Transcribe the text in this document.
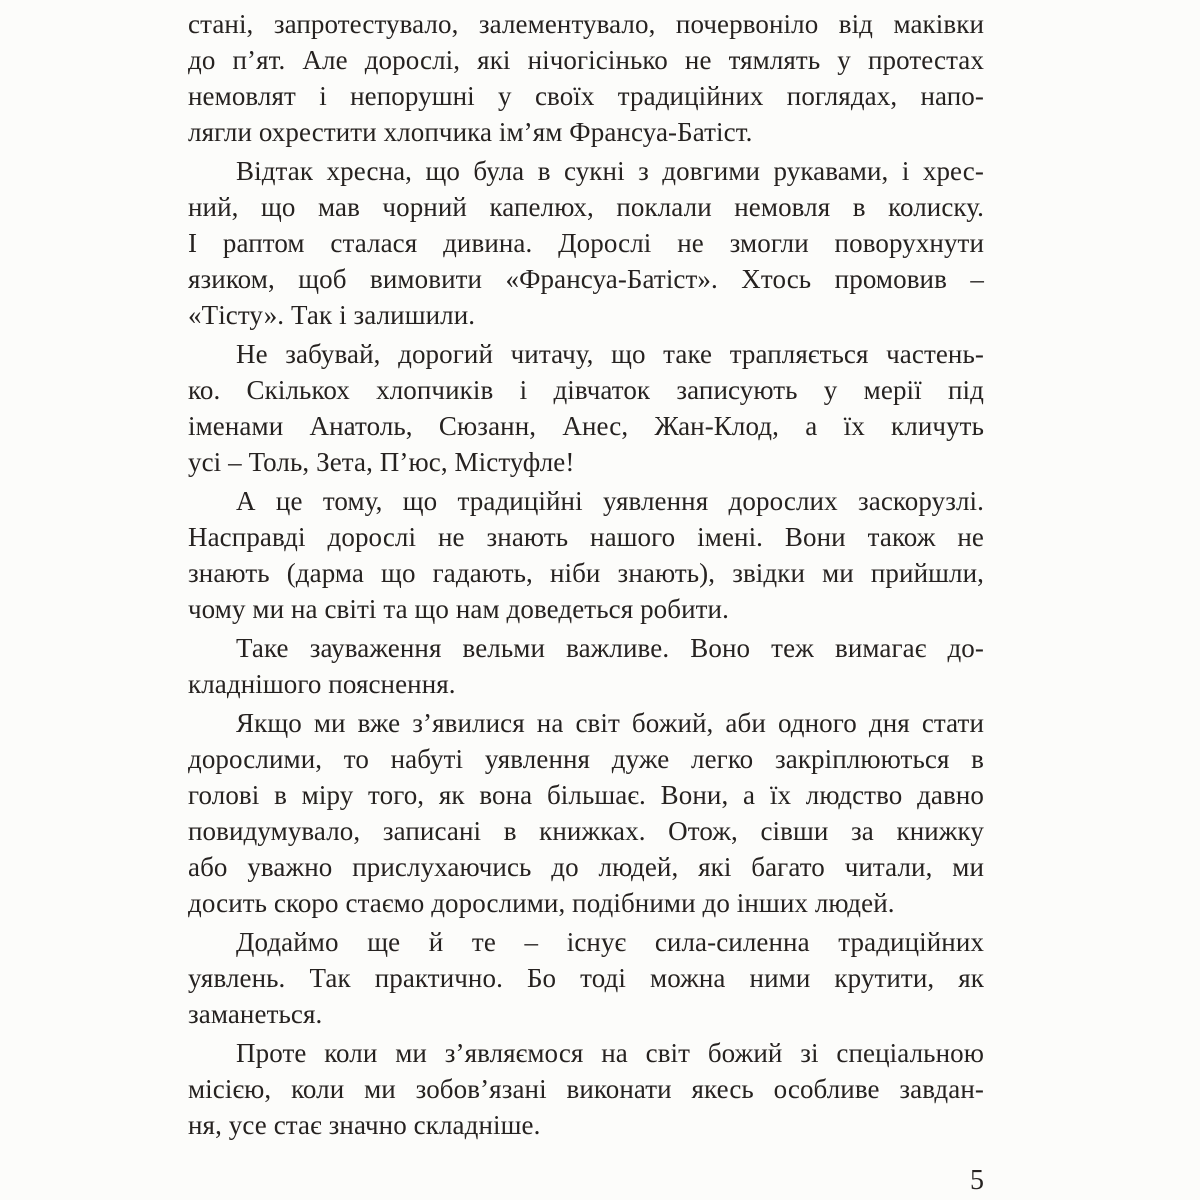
стані, запротестувало, залементувало, почервоніло від маківки
до п’ят. Але дорослі, які нічогісінько не тямлять у протестах
немовлят і непорушні у своїх традиційних поглядах, напо-
лягли охрестити хлопчика ім’ям Франсуа-Батіст.
Відтак хресна, що була в сукні з довгими рукавами, і хрес-
ний, що мав чорний капелюх, поклали немовля в колиску.
І раптом сталася дивина. Дорослі не змогли поворухнути
язиком, щоб вимовити «Франсуа-Батіст». Хтось промовив –
«Тісту». Так і залишили.
Не забувай, дорогий читачу, що таке трапляється частень-
ко. Скількох хлопчиків і дівчаток записують у мерії під
іменами Анатоль, Сюзанн, Анес, Жан-Клод, а їх кличуть
усі – Толь, Зета, П’юс, Містуфле!
А це тому, що традиційні уявлення дорослих заскорузлі.
Насправді дорослі не знають нашого імені. Вони також не
знають (дарма що гадають, ніби знають), звідки ми прийшли,
чому ми на світі та що нам доведеться робити.
Таке зауваження вельми важливе. Воно теж вимагає до-
кладнішого пояснення.
Якщо ми вже з’явилися на світ божий, аби одного дня стати
дорослими, то набуті уявлення дуже легко закріплюються в
голові в міру того, як вона більшає. Вони, а їх людство давно
повидумувало, записані в книжках. Отож, сівши за книжку
або уважно прислухаючись до людей, які багато читали, ми
досить скоро стаємо дорослими, подібними до інших людей.
Додаймо ще й те – існує сила-силенна традиційних
уявлень. Так практично. Бо тоді можна ними крутити, як
заманеться.
Проте коли ми з’являємося на світ божий зі спеціальною
місією, коли ми зобов’язані виконати якесь особливе завдан-
ня, усе стає значно складніше.
5
